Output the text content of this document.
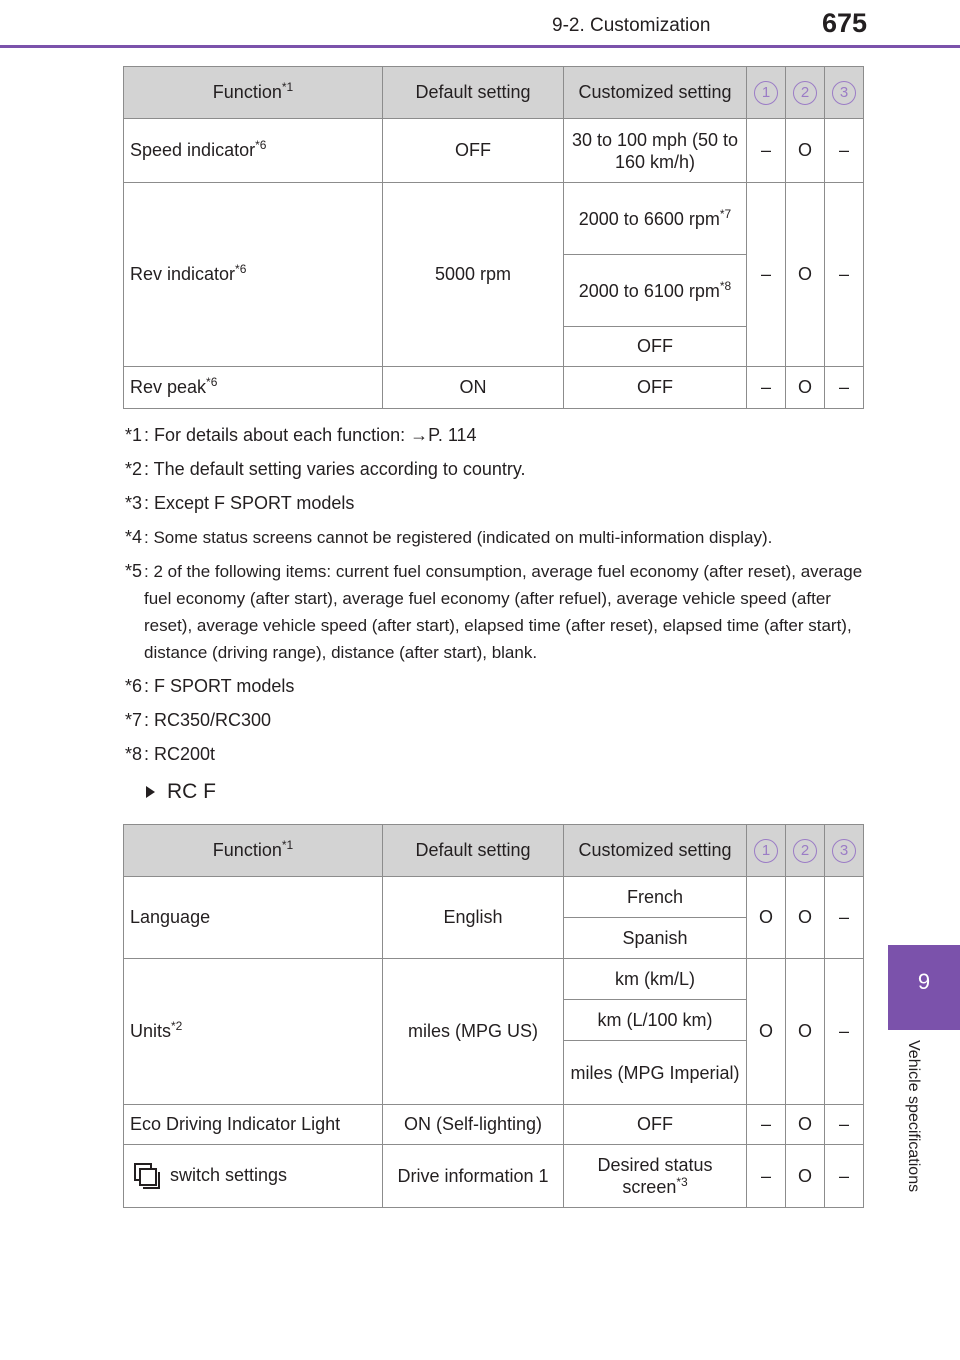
9-2. Customization	675
9
Vehicle specifications
Function$^{*1}$	Default setting	Customized setting	1	2	3
Speed indicator$^{*6}$	OFF	30 to 100 mph (50 to 160 km/h)	–	O	–
Rev indicator$^{*6}$	5000 rpm	2000 to 6600 rpm$^{*7}$	–	O	–
		2000 to 6100 rpm$^{*8}$
		OFF			
Rev peak$^{*6}$	ON	OFF	–	O	–
*1 : For details about each function: →P. 114
*2 : The default setting varies according to country.
*3 : Except F SPORT models
*4 : Some status screens cannot be registered (indicated on multi-information display).
*5 : 2 of the following items: current fuel consumption, average fuel economy (after reset), average fuel economy (after start), average fuel economy (after refuel), average vehicle speed (after reset), average vehicle speed (after start), elapsed time (after reset), elapsed time (after start), distance (driving range), distance (after start), blank.
*6 : F SPORT models
*7 : RC350/RC300
*8 : RC200t
RC F
Function$^{*1}$	Default setting	Customized setting	1	2	3
Language	English	French	O	O	–
		Spanish			
Units$^{*2}$	miles (MPG US)	km (km/L)	O	O	–
		km (L/100 km)			
		miles (MPG Imperial)			
Eco Driving Indicator Light	ON (Self-lighting)	OFF	–	O	–

switch settings	Drive information 1	Desired status screen$^{*3}$	–	O	–
